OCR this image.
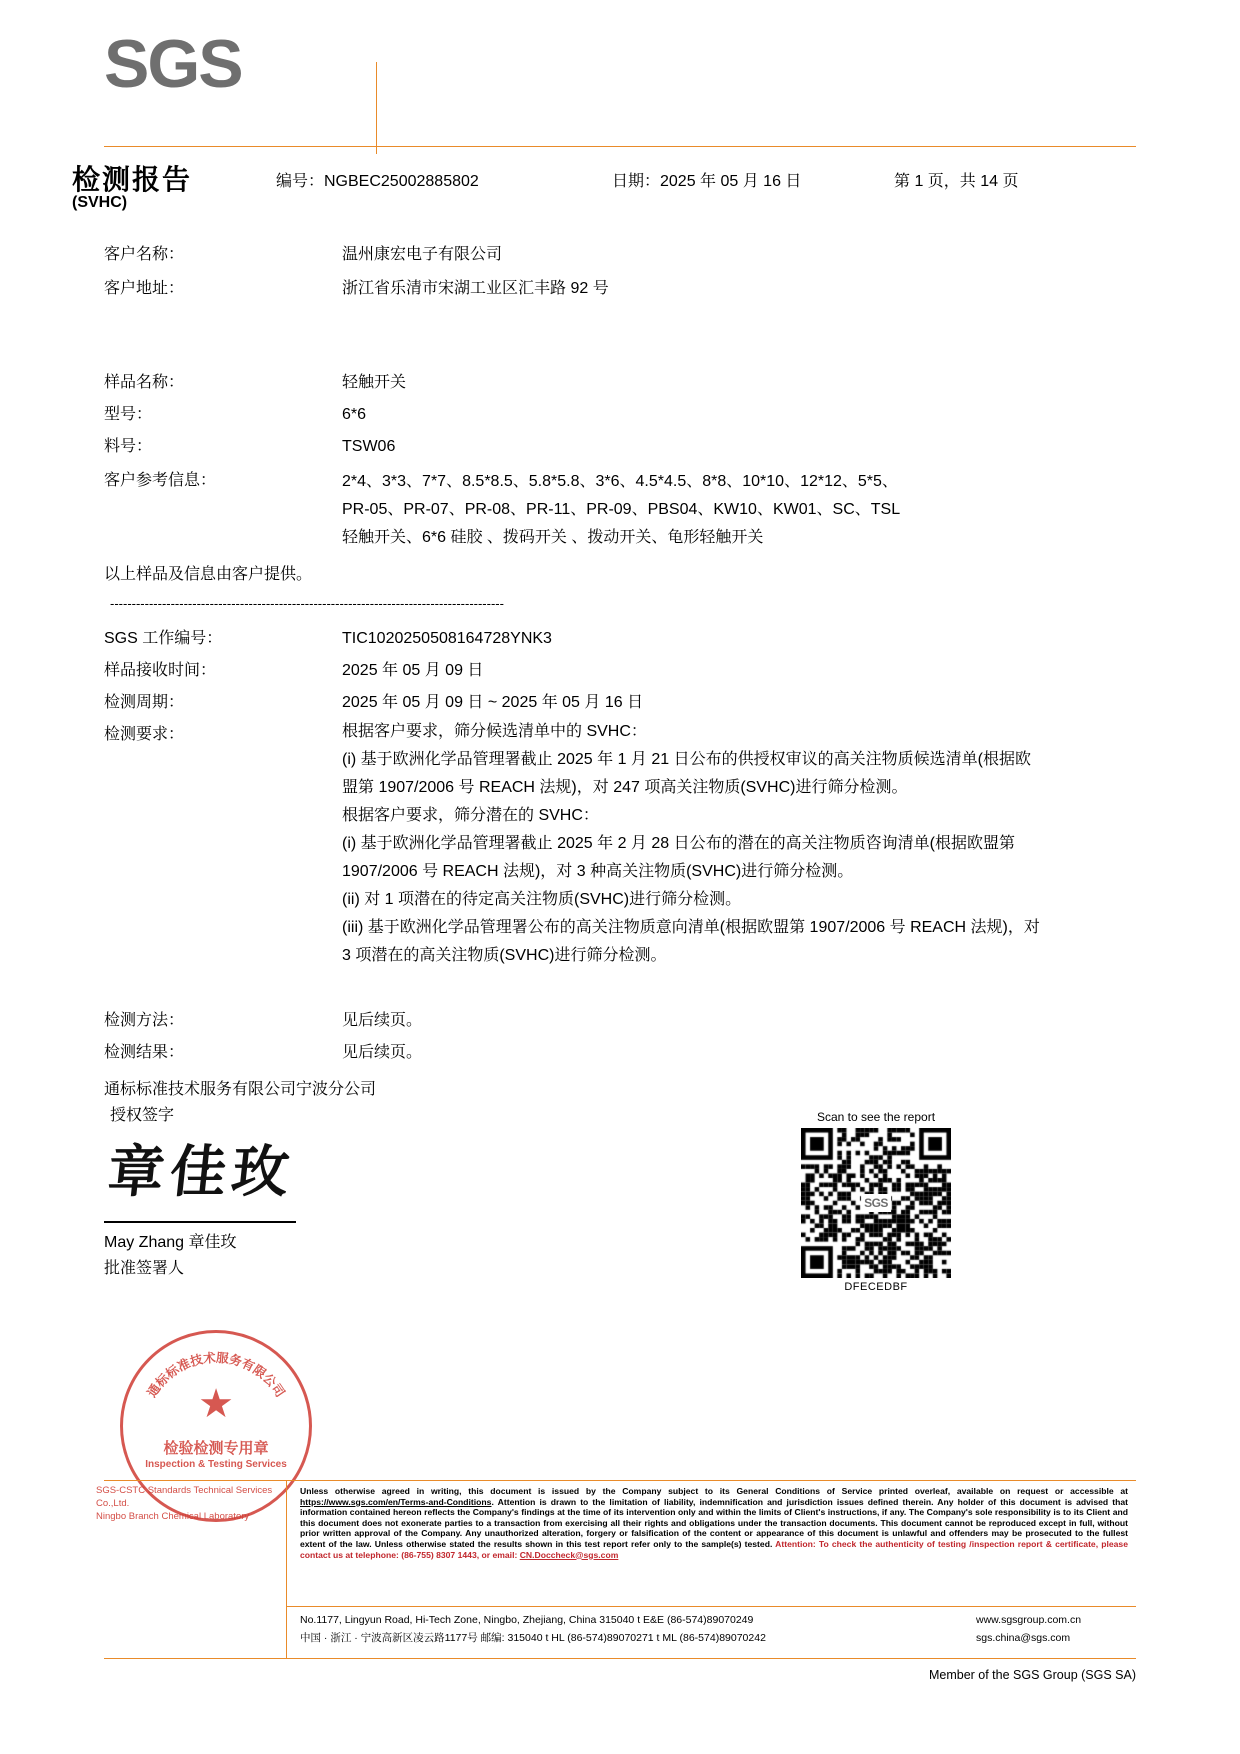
SGS
检测报告
(SVHC)
编号：NGBEC25002885802	日期：2025 年 05 月 16 日	第 1 页，共 14 页
客户名称：	温州康宏电子有限公司
客户地址：	浙江省乐清市宋湖工业区汇丰路 92 号
样品名称：	轻触开关
型号：	6*6
料号：	TSW06
客户参考信息：	2*4、3*3、7*7、8.5*8.5、5.8*5.8、3*6、4.5*4.5、8*8、10*10、12*12、5*5、
PR-05、PR-07、PR-08、PR-11、PR-09、PBS04、KW10、KW01、SC、TSL
轻触开关、6*6 硅胶 、拨码开关 、拨动开关、龟形轻触开关
以上样品及信息由客户提供。
-------------------------------------------------------------------------------------------
SGS 工作编号：	TIC1020250508164728YNK3
样品接收时间：	2025 年 05 月 09 日
检测周期：	2025 年 05 月 09 日 ~ 2025 年 05 月 16 日
检测要求：	根据客户要求，筛分候选清单中的 SVHC：

(i) 基于欧洲化学品管理署截止 2025 年 1 月 21 日公布的供授权审议的高关注物质候选清单(根据欧盟第 1907/2006 号 REACH 法规)，对 247 项高关注物质(SVHC)进行筛分检测。

根据客户要求，筛分潜在的 SVHC：

(i) 基于欧洲化学品管理署截止 2025 年 2 月 28 日公布的潜在的高关注物质咨询清单(根据欧盟第 1907/2006 号 REACH 法规)，对 3 种高关注物质(SVHC)进行筛分检测。

(ii) 对 1 项潜在的待定高关注物质(SVHC)进行筛分检测。

(iii) 基于欧洲化学品管理署公布的高关注物质意向清单(根据欧盟第 1907/2006 号 REACH 法规)，对 3 项潜在的高关注物质(SVHC)进行筛分检测。

检测方法：	见后续页。
检测结果：	见后续页。
通标标准技术服务有限公司宁波分公司
授权签字
章佳玫
May Zhang 章佳玫
批准签署人
Scan to see the report
SGS
DFECEDBF
通标标准技术服务有限公司
★
检验检测专用章
Inspection & Testing Services
SGS-CSTC Standards Technical Services Co.,Ltd.
Ningbo Branch Chemical Laboratory
Unless otherwise agreed in writing, this document is issued by the Company subject to its General Conditions of Service printed overleaf, available on request or accessible at https://www.sgs.com/en/Terms-and-Conditions. Attention is drawn to the limitation of liability, indemnification and jurisdiction issues defined therein. Any holder of this document is advised that information contained hereon reflects the Company's findings at the time of its intervention only and within the limits of Client's instructions, if any. The Company's sole responsibility is to its Client and this document does not exonerate parties to a transaction from exercising all their rights and obligations under the transaction documents. This document cannot be reproduced except in full, without prior written approval of the Company. Any unauthorized alteration, forgery or falsification of the content or appearance of this document is unlawful and offenders may be prosecuted to the fullest extent of the law. Unless otherwise stated the results shown in this test report refer only to the sample(s) tested. Attention: To check the authenticity of testing /inspection report & certificate, please contact us at telephone: (86-755) 8307 1443, or email: CN.Doccheck@sgs.com
No.1177, Lingyun Road, Hi-Tech Zone, Ningbo, Zhejiang, China 315040 t E&E (86-574)89070249
中国 · 浙江 · 宁波高新区凌云路1177号 邮编: 315040 t HL (86-574)89070271 t ML (86-574)89070242
www.sgsgroup.com.cn
sgs.china@sgs.com
Member of the SGS Group (SGS SA)
